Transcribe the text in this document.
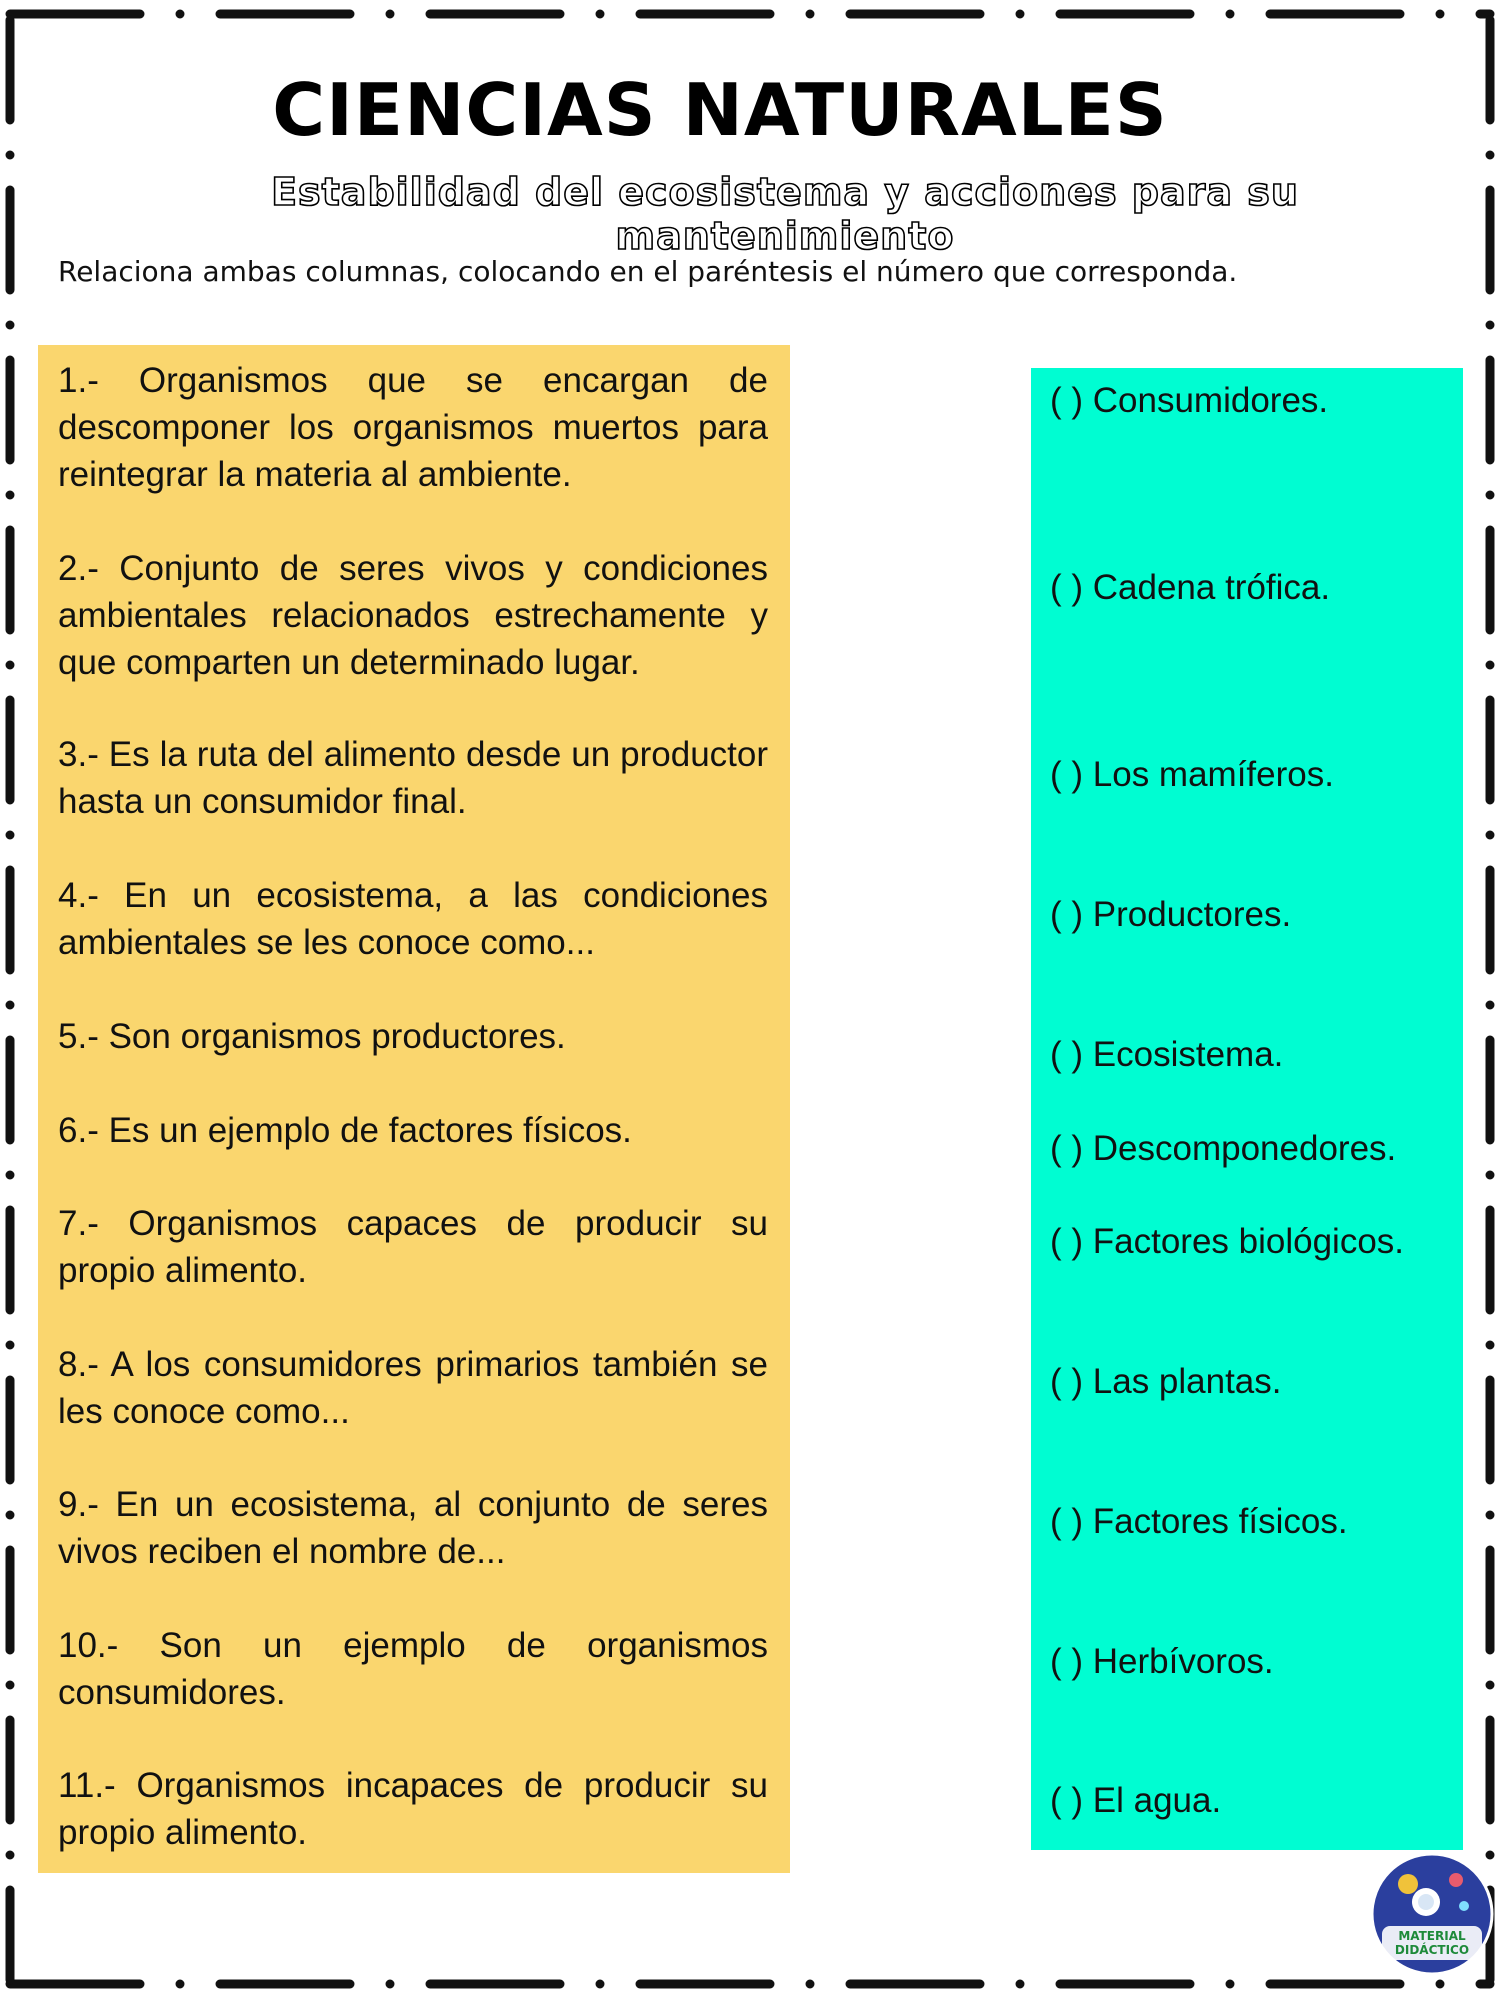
CIENCIAS NATURALES
Estabilidad del ecosistema y acciones para su mantenimiento
Relaciona ambas columnas, colocando en el paréntesis el número que corresponda.

1.- Organismos que se encargan de descomponer los organismos muertos para reintegrar la materia al ambiente.

2.- Conjunto de seres vivos y condiciones ambientales relacionados estrechamente y que comparten un determinado lugar.

3.- Es la ruta del alimento desde un productor hasta un consumidor final.

4.- En un ecosistema, a las condiciones ambientales se les conoce como...

5.- Son organismos productores.

6.- Es un ejemplo de factores físicos.

7.- Organismos capaces de producir su propio alimento.

8.- A los consumidores primarios también se les conoce como...

9.- En un ecosistema, al conjunto de seres vivos reciben el nombre de...

10.- Son un ejemplo de organismos consumidores.

11.- Organismos incapaces de producir su propio alimento.

( ) Consumidores.
( ) Cadena trófica.
( ) Los mamíferos.
( ) Productores.
( ) Ecosistema.
( ) Descomponedores.
( ) Factores biológicos.
( ) Las plantas.
( ) Factores físicos.
( ) Herbívoros.
( ) El agua.
MATERIAL
DIDÁCTICO
